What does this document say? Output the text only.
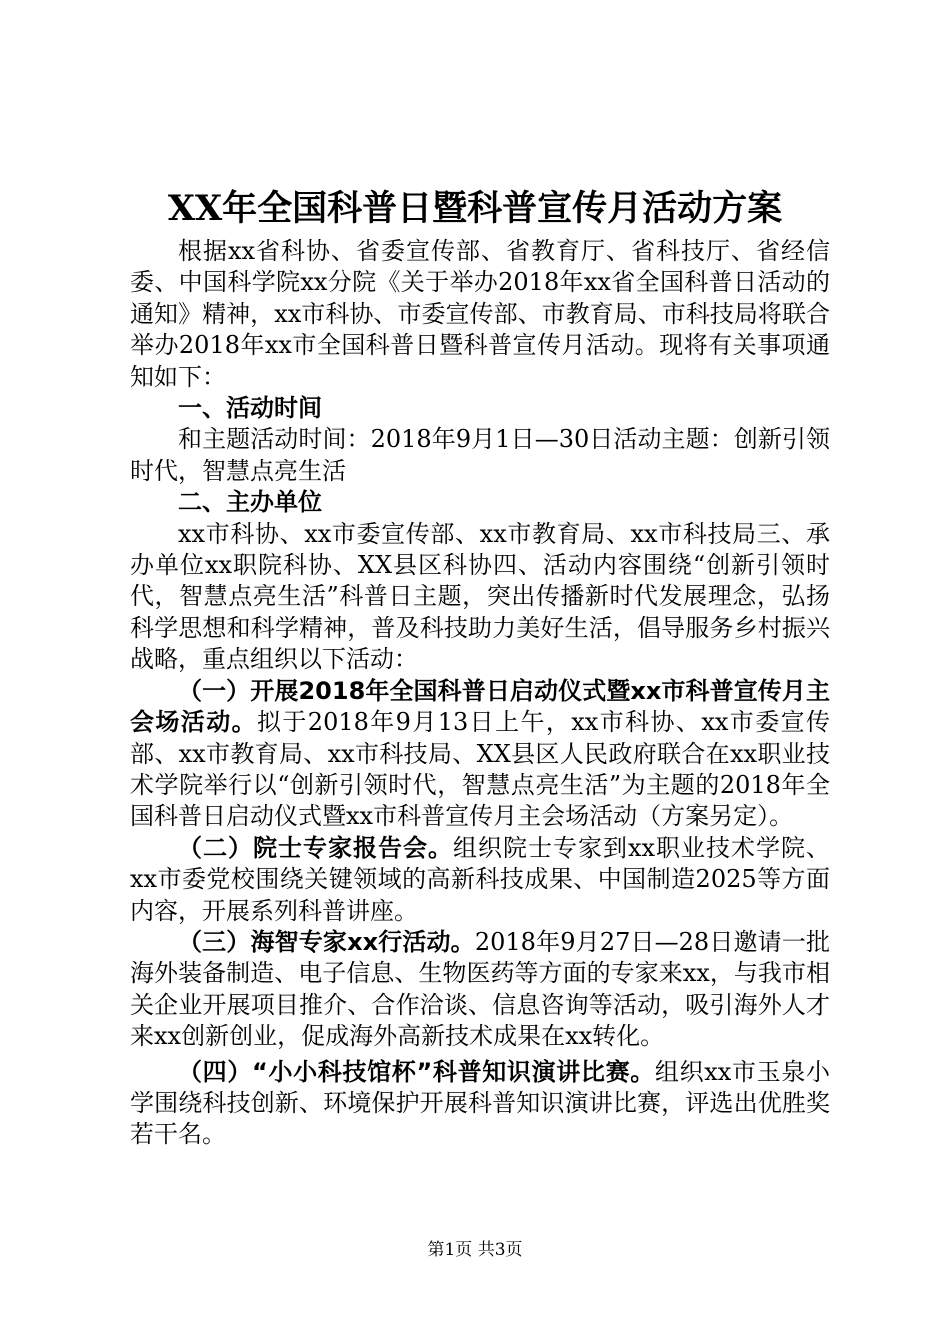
XX年全国科普日暨科普宣传月活动方案

根据xx省科协、省委宣传部、省教育厅、省科技厅、省经信委、中国科学院xx分院《关于举办2018年xx省全国科普日活动的通知》精神，xx市科协、市委宣传部、市教育局、市科技局将联合举办2018年xx市全国科普日暨科普宣传月活动。现将有关事项通知如下：

一、活动时间

和主题活动时间：2018年9月1日—30日活动主题：创新引领时代，智慧点亮生活

二、主办单位

xx市科协、xx市委宣传部、xx市教育局、xx市科技局三、承办单位xx职院科协、XX县区科协四、活动内容围绕“创新引领时代，智慧点亮生活”科普日主题，突出传播新时代发展理念，弘扬科学思想和科学精神，普及科技助力美好生活，倡导服务乡村振兴战略，重点组织以下活动：

（一）开展2018年全国科普日启动仪式暨xx市科普宣传月主会场活动。拟于2018年9月13日上午，xx市科协、xx市委宣传部、xx市教育局、xx市科技局、XX县区人民政府联合在xx职业技术学院举行以“创新引领时代，智慧点亮生活”为主题的2018年全国科普日启动仪式暨xx市科普宣传月主会场活动（方案另定）。

（二）院士专家报告会。组织院士专家到xx职业技术学院、xx市委党校围绕关键领域的高新科技成果、中国制造2025等方面内容，开展系列科普讲座。

（三）海智专家xx行活动。2018年9月27日—28日邀请一批海外装备制造、电子信息、生物医药等方面的专家来xx，与我市相关企业开展项目推介、合作洽谈、信息咨询等活动，吸引海外人才来xx创新创业，促成海外高新技术成果在xx转化。

（四）“小小科技馆杯”科普知识演讲比赛。组织xx市玉泉小学围绕科技创新、环境保护开展科普知识演讲比赛，评选出优胜奖若干名。

第1页 共3页
